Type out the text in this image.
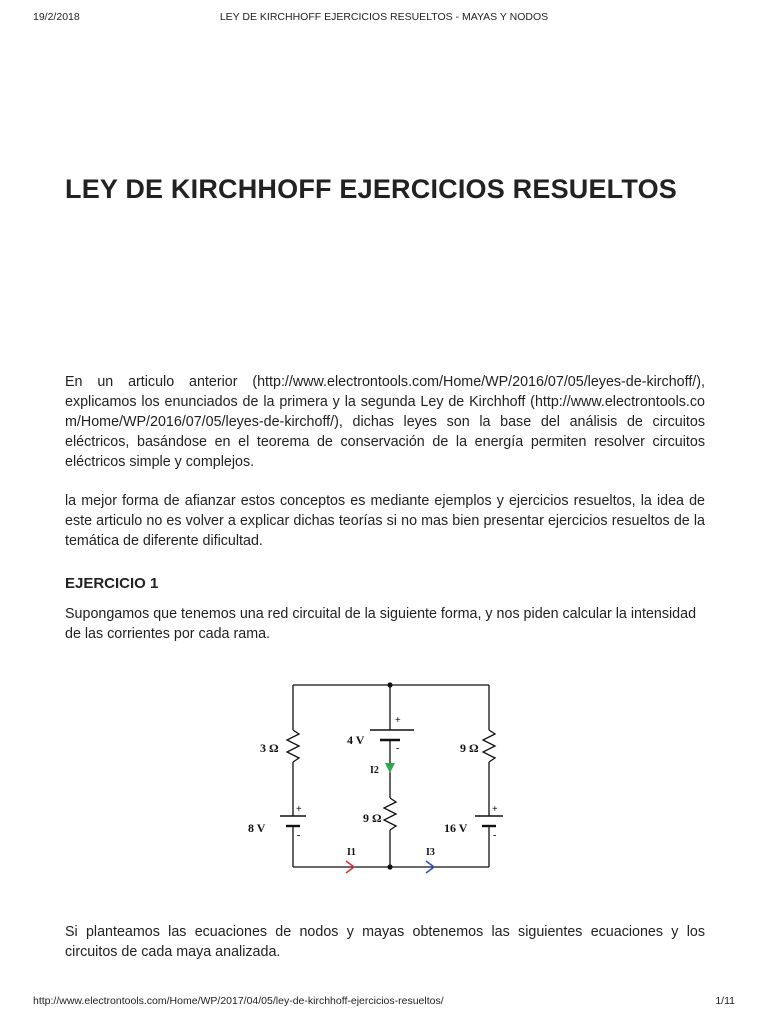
19/2/2018	LEY DE KIRCHHOFF EJERCICIOS RESUELTOS - MAYAS Y NODOS
LEY DE KIRCHHOFF EJERCICIOS RESUELTOS

En un articulo anterior (http://www.electrontools.com/Home/WP/2016/07/05/leyes-de-kirchoff/), explicamos los enunciados de la primera y la segunda Ley de Kirchhoff (http://www.electrontools.com/Home/WP/2016/07/05/leyes-de-kirchoff/), dichas leyes son la base del análisis de circuitos eléctricos, basándose en el teorema de conservación de la energía permiten resolver circuitos eléctricos simple y complejos.

la mejor forma de afianzar estos conceptos es mediante ejemplos y ejercicios resueltos, la idea de este articulo no es volver a explicar dichas teorías si no mas bien presentar ejercicios resueltos de la temática de diferente dificultad.

EJERCICIO 1

Supongamos que tenemos una red circuital de la siguiente forma, y nos piden calcular la intensidad de las corrientes por cada rama.

Si planteamos las ecuaciones de nodos y mayas obtenemos las siguientes ecuaciones y los circuitos de cada maya analizada.

3 Ω
4 V
I2
9 Ω
9 Ω
8 V	16 V
I1	I3
+
-
+
-
+
-
http://www.electrontools.com/Home/WP/2017/04/05/ley-de-kirchhoff-ejercicios-resueltos/	1/11
